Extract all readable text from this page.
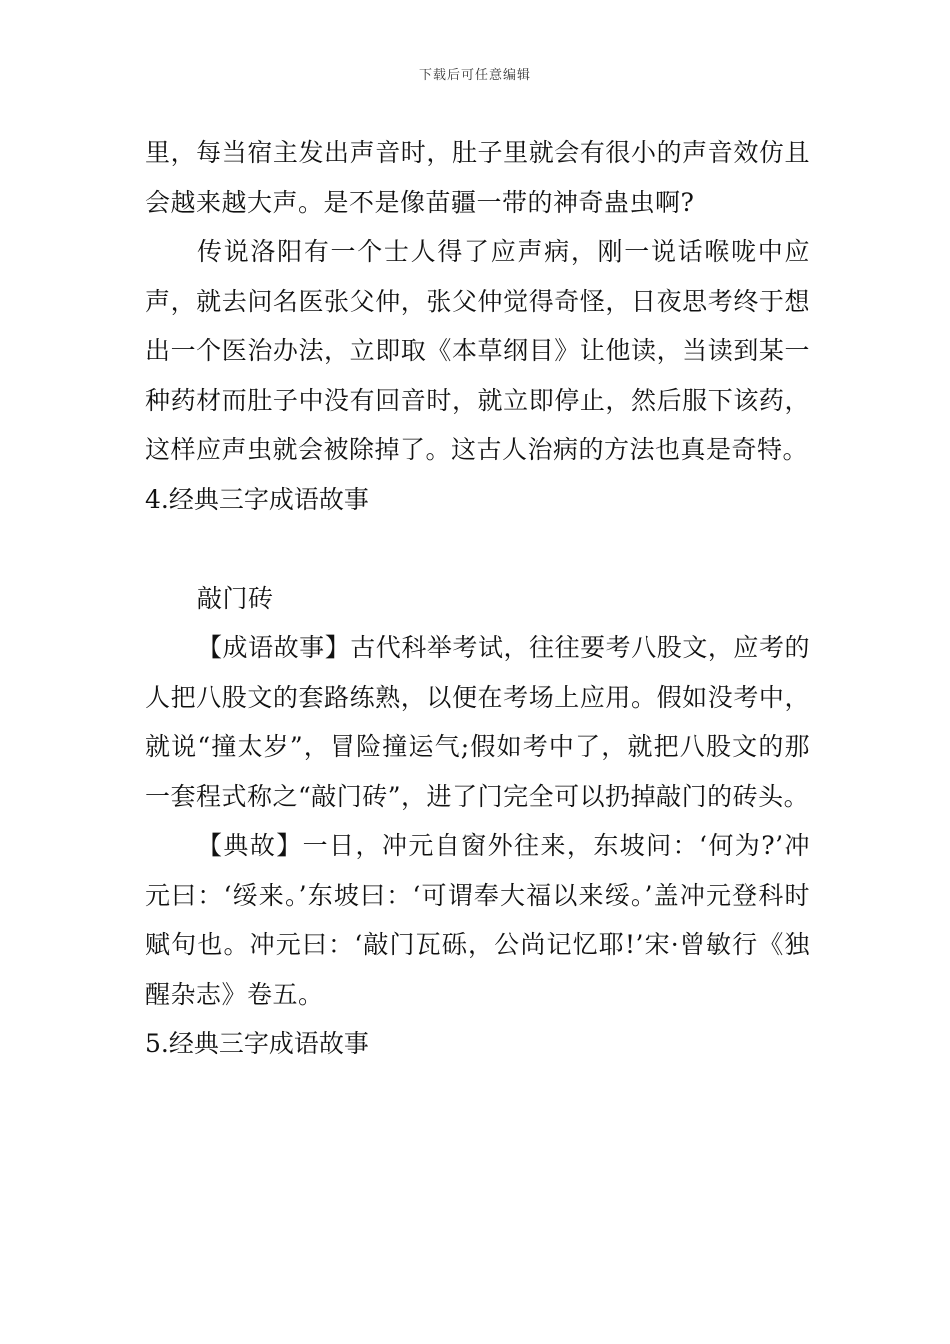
下载后可任意编辑

里，每当宿主发出声音时，肚子里就会有很小的声音效仿且会越来越大声。是不是像苗疆一带的神奇蛊虫啊?

传说洛阳有一个士人得了应声病，刚一说话喉咙中应声，就去问名医张父仲，张父仲觉得奇怪，日夜思考终于想出一个医治办法，立即取《本草纲目》让他读，当读到某一种药材而肚子中没有回音时，就立即停止，然后服下该药，这样应声虫就会被除掉了。这古人治病的方法也真是奇特。

4.经典三字成语故事

敲门砖

【成语故事】古代科举考试，往往要考八股文，应考的人把八股文的套路练熟，以便在考场上应用。假如没考中，就说“撞太岁”，冒险撞运气;假如考中了，就把八股文的那一套程式称之“敲门砖”，进了门完全可以扔掉敲门的砖头。

【典故】一日，冲元自窗外往来，东坡问：‘何为?’冲元曰：‘绥来。’东坡曰：‘可谓奉大福以来绥。’盖冲元登科时赋句也。冲元曰：‘敲门瓦砾，公尚记忆耶!’宋·曾敏行《独醒杂志》卷五。

5.经典三字成语故事
